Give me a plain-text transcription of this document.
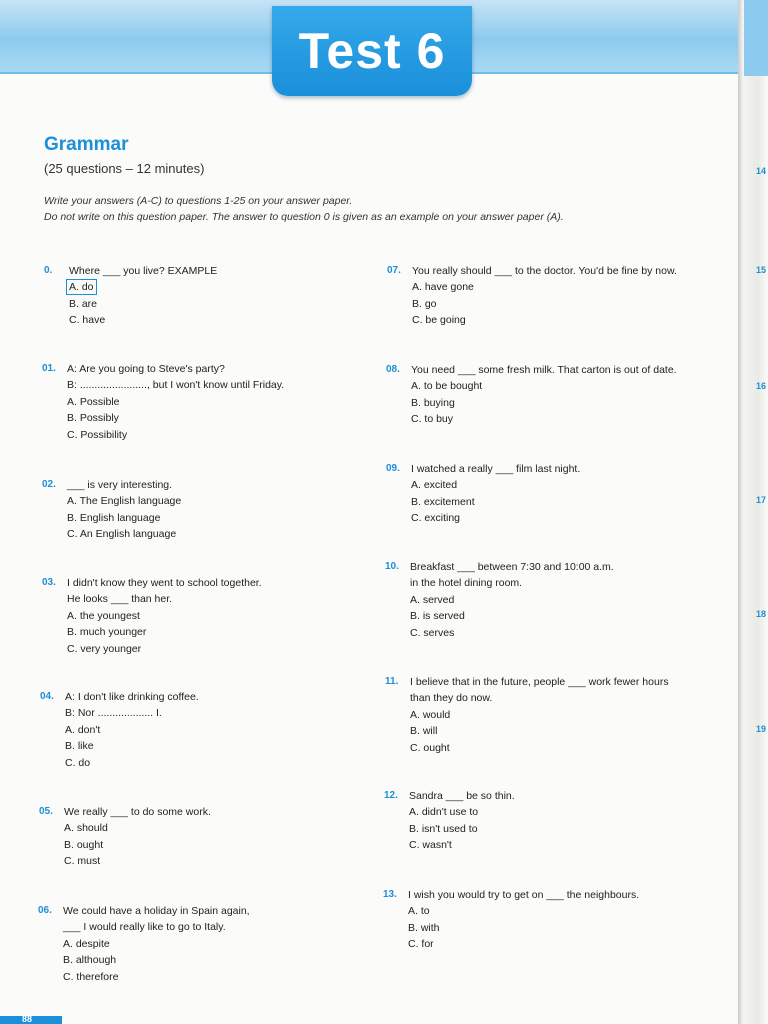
Test 6
14
15
16
17
18
19
Grammar
(25 questions – 12 minutes)
Write your answers (A-C) to questions 1-25 on your answer paper.
Do not write on this question paper. The answer to question 0 is given as an example on your answer paper (A).
0. Where ___ you live? EXAMPLE
A. do
B. are
C. have
01. A: Are you going to Steve's party?
B: ......................., but I won't know until Friday.
A. Possible
B. Possibly
C. Possibility
02. ___ is very interesting.
A. The English language
B. English language
C. An English language
03. I didn't know they went to school together.
He looks ___ than her.
A. the youngest
B. much younger
C. very younger
04. A: I don't like drinking coffee.
B: Nor ................... I.
A. don't
B. like
C. do
05. We really ___ to do some work.
A. should
B. ought
C. must
06. We could have a holiday in Spain again,
___ I would really like to go to Italy.
A. despite
B. although
C. therefore
07. You really should ___ to the doctor. You'd be fine by now.
A. have gone
B. go
C. be going
08. You need ___ some fresh milk. That carton is out of date.
A. to be bought
B. buying
C. to buy
09. I watched a really ___ film last night.
A. excited
B. excitement
C. exciting
10. Breakfast ___ between 7:30 and 10:00 a.m.
in the hotel dining room.
A. served
B. is served
C. serves
11. I believe that in the future, people ___ work fewer hours
than they do now.
A. would
B. will
C. ought
12. Sandra ___ be so thin.
A. didn't use to
B. isn't used to
C. wasn't
13. I wish you would try to get on ___ the neighbours.
A. to
B. with
C. for
88
